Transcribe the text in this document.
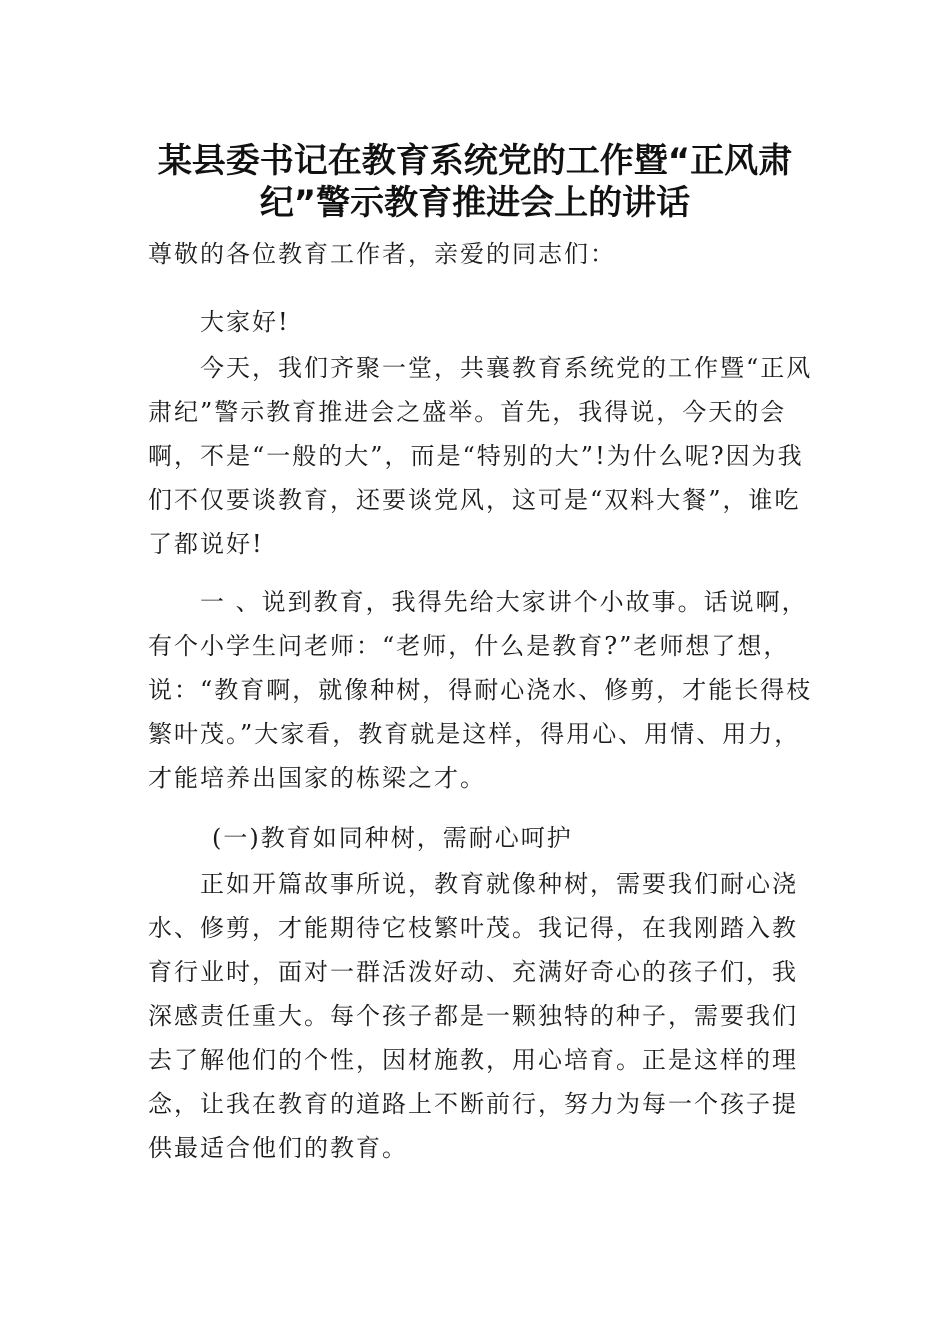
某县委书记在教育系统党的工作暨“正风肃纪”警示教育推进会上的讲话

尊敬的各位教育工作者，亲爱的同志们：

大家好!

今天，我们齐聚一堂，共襄教育系统党的工作暨“正风肃纪”警示教育推进会之盛举。首先，我得说，今天的会啊，不是“一般的大”，而是“特别的大”!为什么呢?因为我们不仅要谈教育，还要谈党风，这可是“双料大餐”，谁吃了都说好!

一 、说到教育，我得先给大家讲个小故事。话说啊，有个小学生问老师：“老师，什么是教育?”老师想了想，说：“教育啊，就像种树，得耐心浇水、修剪，才能长得枝繁叶茂。”大家看，教育就是这样，得用心、用情、用力，才能培养出国家的栋梁之才。

(一)教育如同种树，需耐心呵护

正如开篇故事所说，教育就像种树，需要我们耐心浇水、修剪，才能期待它枝繁叶茂。我记得，在我刚踏入教育行业时，面对一群活泼好动、充满好奇心的孩子们，我深感责任重大。每个孩子都是一颗独特的种子，需要我们去了解他们的个性，因材施教，用心培育。正是这样的理念，让我在教育的道路上不断前行，努力为每一个孩子提供最适合他们的教育。
